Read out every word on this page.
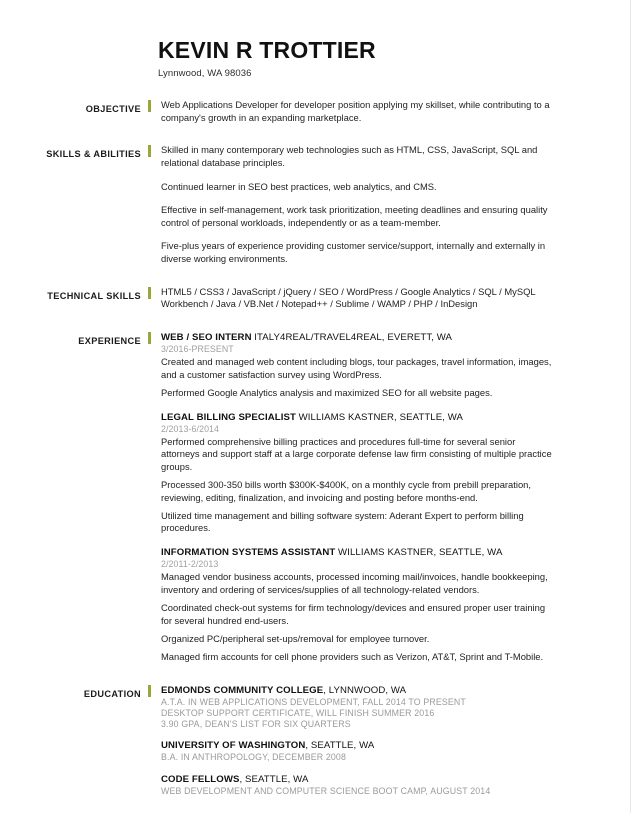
KEVIN R TROTTIER
Lynnwood, WA 98036
OBJECTIVE	Web Applications Developer for developer position applying my skillset, while contributing to a company's growth in an expanding marketplace.

SKILLS & ABILITIES	Skilled in many contemporary web technologies such as HTML, CSS, JavaScript, SQL and relational database principles.

Continued learner in SEO best practices, web analytics, and CMS.

Effective in self-management, work task prioritization, meeting deadlines and ensuring quality control of personal workloads, independently or as a team-member.

Five-plus years of experience providing customer service/support, internally and externally in diverse working environments.

TECHNICAL SKILLS	HTML5 / CSS3 / JavaScript / jQuery / SEO / WordPress / Google Analytics / SQL / MySQL Workbench / Java / VB.Net / Notepad++ / Sublime / WAMP / PHP / InDesign

EXPERIENCE	WEB / SEO INTERN ITALY4REAL/TRAVEL4REAL, EVERETT, WA
3/2016-PRESENT

Created and managed web content including blogs, tour packages, travel information, images, and a customer satisfaction survey using WordPress.

Performed Google Analytics analysis and maximized SEO for all website pages.

LEGAL BILLING SPECIALIST WILLIAMS KASTNER, SEATTLE, WA
2/2013-6/2014

Performed comprehensive billing practices and procedures full-time for several senior attorneys and support staff at a large corporate defense law firm consisting of multiple practice groups.

Processed 300-350 bills worth $300K-$400K, on a monthly cycle from prebill preparation, reviewing, editing, finalization, and invoicing and posting before months-end.

Utilized time management and billing software system: Aderant Expert to perform billing procedures.

INFORMATION SYSTEMS ASSISTANT WILLIAMS KASTNER, SEATTLE, WA
2/2011-2/2013

Managed vendor business accounts, processed incoming mail/invoices, handle bookkeeping, inventory and ordering of services/supplies of all technology-related vendors.

Coordinated check-out systems for firm technology/devices and ensured proper user training for several hundred end-users.

Organized PC/peripheral set-ups/removal for employee turnover.

Managed firm accounts for cell phone providers such as Verizon, AT&T, Sprint and T-Mobile.

EDUCATION	EDMONDS COMMUNITY COLLEGE, LYNNWOOD, WA
A.T.A. IN WEB APPLICATIONS DEVELOPMENT, FALL 2014 TO PRESENT
DESKTOP SUPPORT CERTIFICATE, WILL FINISH SUMMER 2016
3.90 GPA, DEAN'S LIST FOR SIX QUARTERS
UNIVERSITY OF WASHINGTON, SEATTLE, WA
B.A. IN ANTHROPOLOGY, DECEMBER 2008
CODE FELLOWS, SEATTLE, WA
WEB DEVELOPMENT AND COMPUTER SCIENCE BOOT CAMP, AUGUST 2014
